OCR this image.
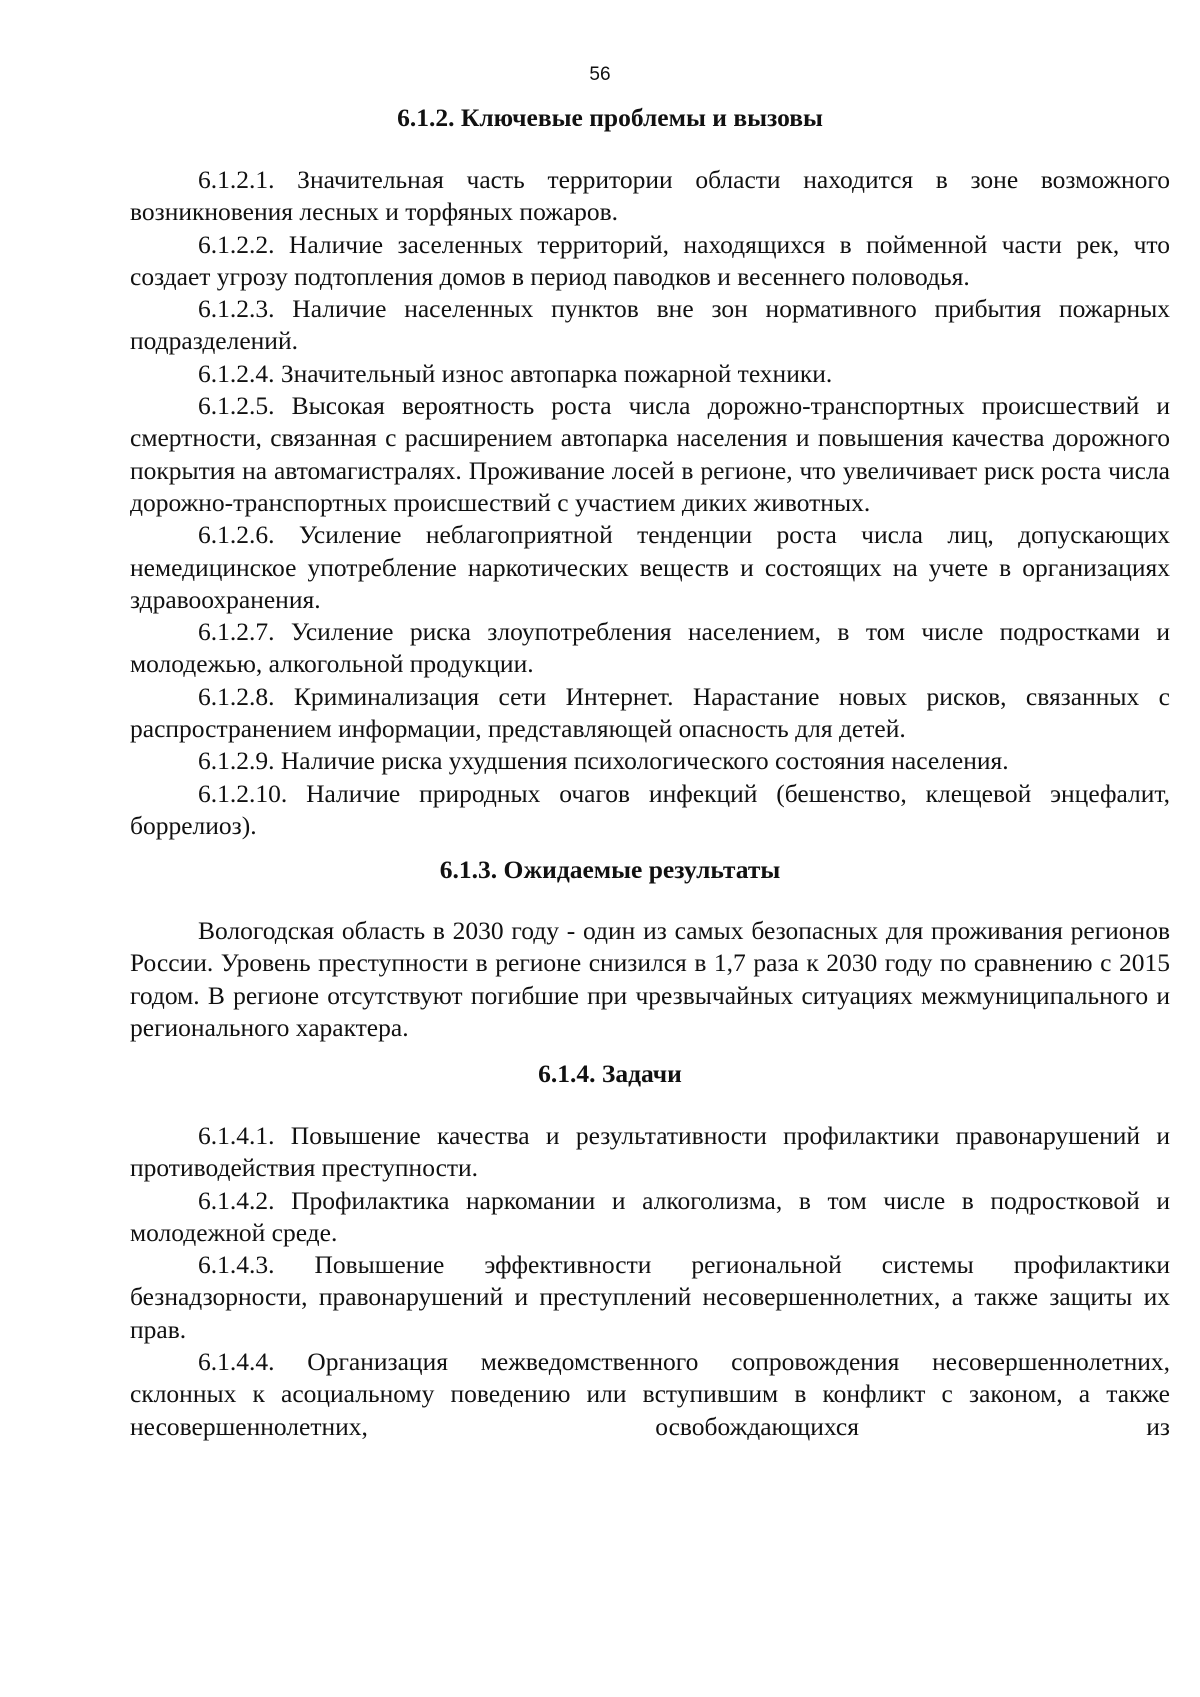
56
6.1.2. Ключевые проблемы и вызовы

6.1.2.1. Значительная часть территории области находится в зоне возможного возникновения лесных и торфяных пожаров.

6.1.2.2. Наличие заселенных территорий, находящихся в пойменной части рек, что создает угрозу подтопления домов в период паводков и весеннего половодья.

6.1.2.3. Наличие населенных пунктов вне зон нормативного прибытия пожарных подразделений.

6.1.2.4. Значительный износ автопарка пожарной техники.

6.1.2.5. Высокая вероятность роста числа дорожно-транспортных происшествий и смертности, связанная с расширением автопарка населения и повышения качества дорожного покрытия на автомагистралях. Проживание лосей в регионе, что увеличивает риск роста числа дорожно-транспортных происшествий с участием диких животных.

6.1.2.6. Усиление неблагоприятной тенденции роста числа лиц, допускающих немедицинское употребление наркотических веществ и состоящих на учете в организациях здравоохранения.

6.1.2.7. Усиление риска злоупотребления населением, в том числе подростками и молодежью, алкогольной продукции.

6.1.2.8. Криминализация сети Интернет. Нарастание новых рисков, связанных с распространением информации, представляющей опасность для детей.

6.1.2.9. Наличие риска ухудшения психологического состояния населения.

6.1.2.10. Наличие природных очагов инфекций (бешенство, клещевой энцефалит, боррелиоз).

6.1.3. Ожидаемые результаты

Вологодская область в 2030 году - один из самых безопасных для проживания регионов России. Уровень преступности в регионе снизился в 1,7 раза к 2030 году по сравнению с 2015 годом. В регионе отсутствуют погибшие при чрезвычайных ситуациях межмуниципального и регионального характера.

6.1.4. Задачи

6.1.4.1. Повышение качества и результативности профилактики правонарушений и противодействия преступности.

6.1.4.2. Профилактика наркомании и алкоголизма, в том числе в подростковой и молодежной среде.

6.1.4.3. Повышение эффективности региональной системы профилактики безнадзорности, правонарушений и преступлений несовершеннолетних, а также защиты их прав.

6.1.4.4. Организация межведомственного сопровождения несовершеннолетних, склонных к асоциальному поведению или вступившим в конфликт с законом, а также несовершеннолетних, освобождающихся из
